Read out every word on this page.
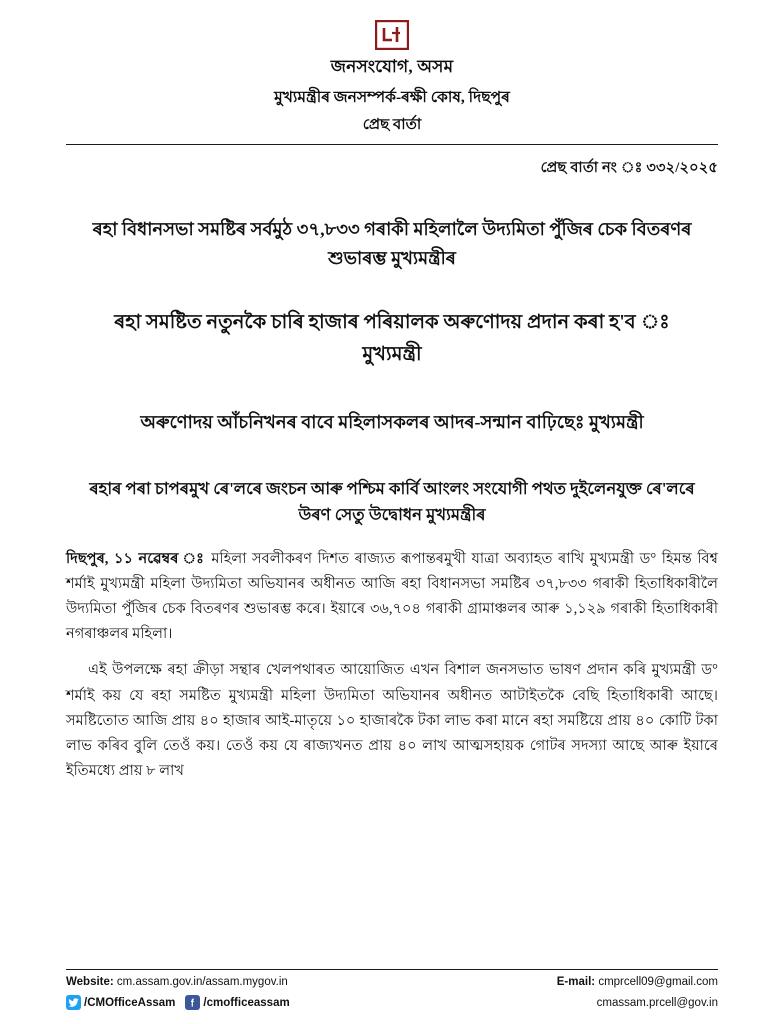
জনসংযোগ, অসম
মুখ্যমন্ত্ৰীৰ জনসম্পৰ্ক-ৰক্ষী কোষ, দিছপুৰ
প্ৰেছ বাৰ্তা
প্ৰেছ বাৰ্তা নং ঃ ৩৩২/২০২৫
ৰহা বিধানসভা সমষ্টিৰ সৰ্বমুঠ ৩৭,৮৩৩ গৰাকী মহিলালৈ উদ্যমিতা পুঁজিৰ চেক বিতৰণৰ শুভাৰম্ভ মুখ্যমন্ত্ৰীৰ
ৰহা সমষ্টিত নতুনকৈ চাৰি হাজাৰ পৰিয়ালক অৰুণোদয় প্ৰদান কৰা হ'ব ঃ মুখ্যমন্ত্ৰী
অৰুণোদয় আঁচনিখনৰ বাবে মহিলাসকলৰ আদৰ-সন্মান বাঢ়িছেঃ মুখ্যমন্ত্ৰী
ৰহাৰ পৰা চাপৰমুখ ৰে'লৰে জংচন আৰু পশ্চিম কাৰ্বি আংলং সংযোগী পথত দুইলেনযুক্ত ৰে'লৰে উৰণ সেতু উদ্বোধন মুখ্যমন্ত্ৰীৰ

দিছপুৰ, ১১ নৱেম্বৰ ঃ মহিলা সবলীকৰণ দিশত ৰাজ্যত ৰূপান্তৰমুখী যাত্ৰা অব্যাহত ৰাখি মুখ্যমন্ত্ৰী ড° হিমন্ত বিশ্ব শৰ্মাই মুখ্যমন্ত্ৰী মহিলা উদ্যমিতা অভিযানৰ অধীনত আজি ৰহা বিধানসভা সমষ্টিৰ ৩৭,৮৩৩ গৰাকী হিতাধিকাৰীলৈ উদ্যমিতা পুঁজিৰ চেক বিতৰণৰ শুভাৰম্ভ কৰে। ইয়াৰে ৩৬,৭০৪ গৰাকী গ্ৰামাঞ্চলৰ আৰু ১,১২৯ গৰাকী হিতাধিকাৰী নগৰাঞ্চলৰ মহিলা।

এই উপলক্ষে ৰহা ক্ৰীড়া সন্থাৰ খেলপথাৰত আয়োজিত এখন বিশাল জনসভাত ভাষণ প্ৰদান কৰি মুখ্যমন্ত্ৰী ড° শৰ্মাই কয় যে ৰহা সমষ্টিত মুখ্যমন্ত্ৰী মহিলা উদ্যমিতা অভিযানৰ অধীনত আটাইতকৈ বেছি হিতাধিকাৰী আছে। সমষ্টিতোত আজি প্ৰায় ৪০ হাজাৰ আই-মাতৃয়ে ১০ হাজাৰকৈ টকা লাভ কৰা মানে ৰহা সমষ্টিয়ে প্ৰায় ৪০ কোটি টকা লাভ কৰিব বুলি তেওঁ কয়। তেওঁ কয় যে ৰাজ্যখনত প্ৰায় ৪০ লাখ আত্মসহায়ক গোটৰ সদস্যা আছে আৰু ইয়াৰে ইতিমধ্যে প্ৰায় ৮ লাখ

Website: cm.assam.gov.in/assam.mygov.in
/CMOfficeAssam /cmofficeassam
E-mail: cmprcell09@gmail.com
cmassam.prcell@gov.in
